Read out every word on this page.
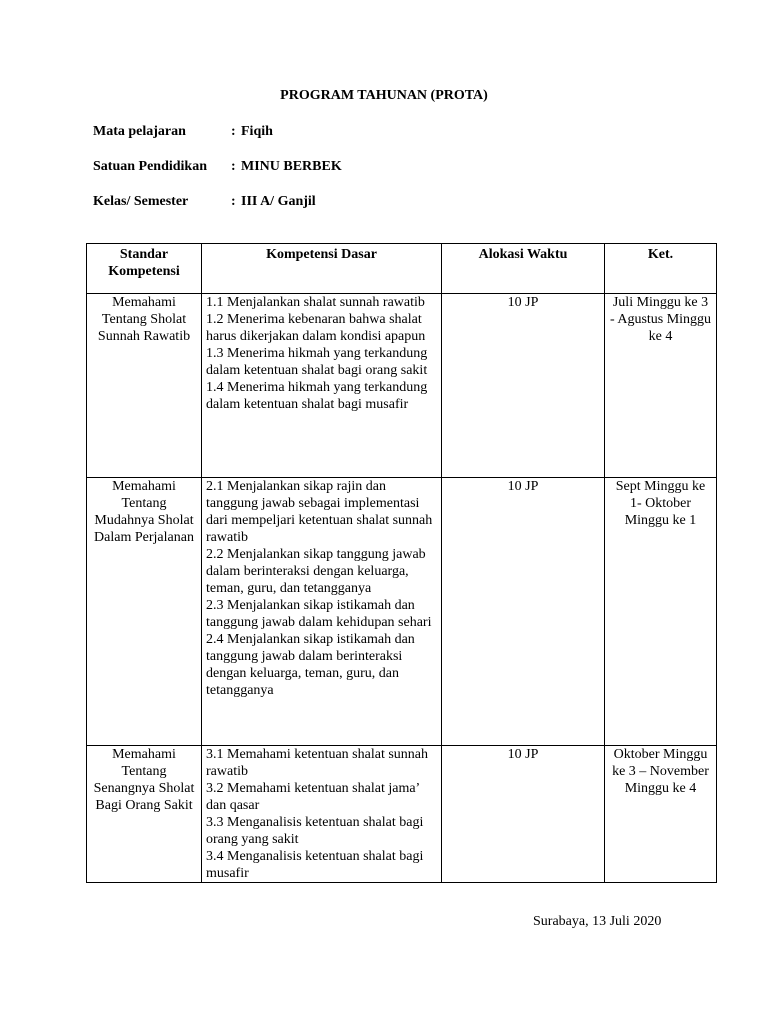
PROGRAM TAHUNAN (PROTA)
Mata pelajaran	: Fiqih
Satuan Pendidikan : MINU BERBEK
Kelas/ Semester	: III A/ Ganjil
Standar Kompetensi	Kompetensi Dasar	Alokasi Waktu	Ket.
Memahami Tentang Sholat Sunnah Rawatib	1.1 Menjalankan shalat sunnah rawatib
1.2 Menerima kebenaran bahwa shalat harus dikerjakan dalam kondisi apapun
1.3 Menerima hikmah yang terkandung dalam ketentuan shalat bagi orang sakit
1.4 Menerima hikmah yang terkandung dalam ketentuan shalat bagi musafir	10 JP	Juli Minggu ke 3 - Agustus Minggu ke 4
Memahami Tentang Mudahnya Sholat Dalam Perjalanan	2.1 Menjalankan sikap rajin dan tanggung jawab sebagai implementasi dari mempeljari ketentuan shalat sunnah rawatib
2.2 Menjalankan sikap tanggung jawab dalam berinteraksi dengan keluarga, teman, guru, dan tetangganya
2.3 Menjalankan sikap istikamah dan tanggung jawab dalam kehidupan sehari
2.4 Menjalankan sikap istikamah dan tanggung jawab dalam berinteraksi dengan keluarga, teman, guru, dan tetangganya	10 JP	Sept Minggu ke 1- Oktober Minggu ke 1
Memahami Tentang Senangnya Sholat Bagi Orang Sakit	3.1 Memahami ketentuan shalat sunnah rawatib
3.2 Memahami ketentuan shalat jama’ dan qasar
3.3 Menganalisis ketentuan shalat bagi orang yang sakit
3.4 Menganalisis ketentuan shalat bagi musafir	10 JP	Oktober Minggu ke 3 – November Minggu ke 4
Surabaya, 13 Juli 2020
